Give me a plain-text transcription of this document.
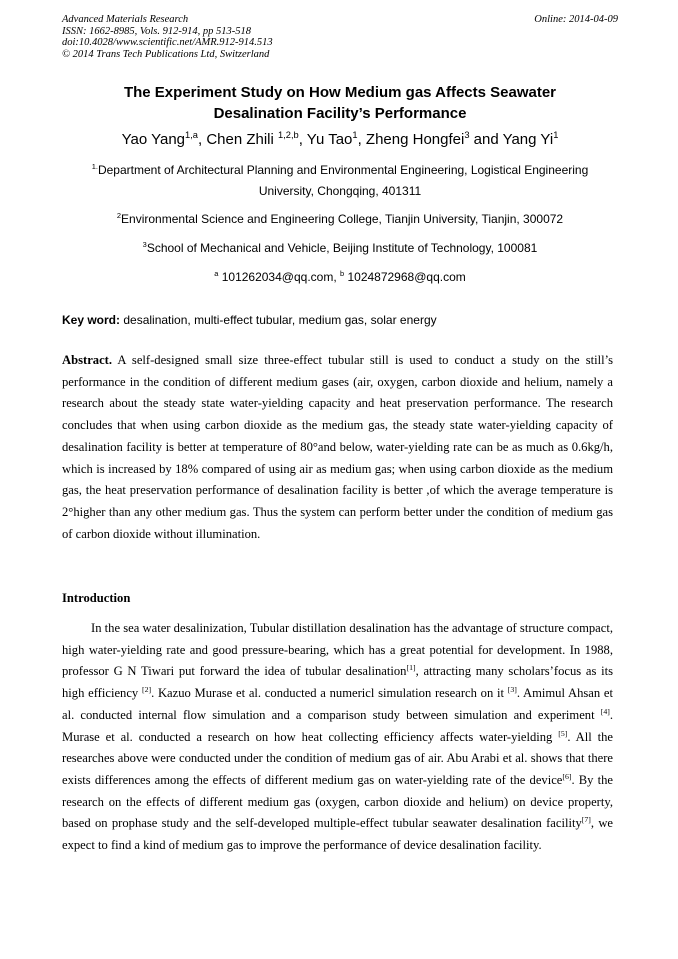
Advanced Materials Research
ISSN: 1662-8985, Vols. 912-914, pp 513-518
doi:10.4028/www.scientific.net/AMR.912-914.513
© 2014 Trans Tech Publications Ltd, Switzerland
Online: 2014-04-09
The Experiment Study on How Medium gas Affects Seawater
Desalination Facility’s Performance
Yao Yang$^{1,a}$, Chen Zhili $^{1,2,b}$, Yu Tao$^1$, Zheng Hongfei$^3$ and Yang Yi$^1$
$^{1.}$Department of Architectural Planning and Environmental Engineering, Logistical Engineering
University, Chongqing, 401311
$^2$Environmental Science and Engineering College, Tianjin University, Tianjin, 300072
$^3$School of Mechanical and Vehicle, Beijing Institute of Technology, 100081
$^a$ 101262034@qq.com, $^b$ 1024872968@qq.com
Key word: desalination, multi-effect tubular, medium gas, solar energy
Abstract. A self-designed small size three-effect tubular still is used to conduct a study on the still’s performance in the condition of different medium gases (air, oxygen, carbon dioxide and helium, namely a research about the steady state water-yielding capacity and heat preservation performance. The research concludes that when using carbon dioxide as the medium gas, the steady state water-yielding capacity of desalination facility is better at temperature of 80°and below, water-yielding rate can be as much as 0.6kg/h, which is increased by 18% compared of using air as medium gas; when using carbon dioxide as the medium gas, the heat preservation performance of desalination facility is better ,of which the average temperature is 2°higher than any other medium gas. Thus the system can perform better under the condition of medium gas of carbon dioxide without illumination.
Introduction
In the sea water desalinization, Tubular distillation desalination has the advantage of structure compact, high water-yielding rate and good pressure-bearing, which has a great potential for development. In 1988, professor G N Tiwari put forward the idea of tubular desalination[1], attracting many scholars’focus as its high efficiency [2]. Kazuo Murase et al. conducted a numericl simulation research on it [3]. Amimul Ahsan et al. conducted internal flow simulation and a comparison study between simulation and experiment [4]. Murase et al. conducted a research on how heat collecting efficiency affects water-yielding [5]. All the researches above were conducted under the condition of medium gas of air. Abu Arabi et al. shows that there exists differences among the effects of different medium gas on water-yielding rate of the device[6]. By the research on the effects of different medium gas (oxygen, carbon dioxide and helium) on device property, based on prophase study and the self-developed multiple-effect tubular seawater desalination facility[7], we expect to find a kind of medium gas to improve the performance of device desalination facility.
